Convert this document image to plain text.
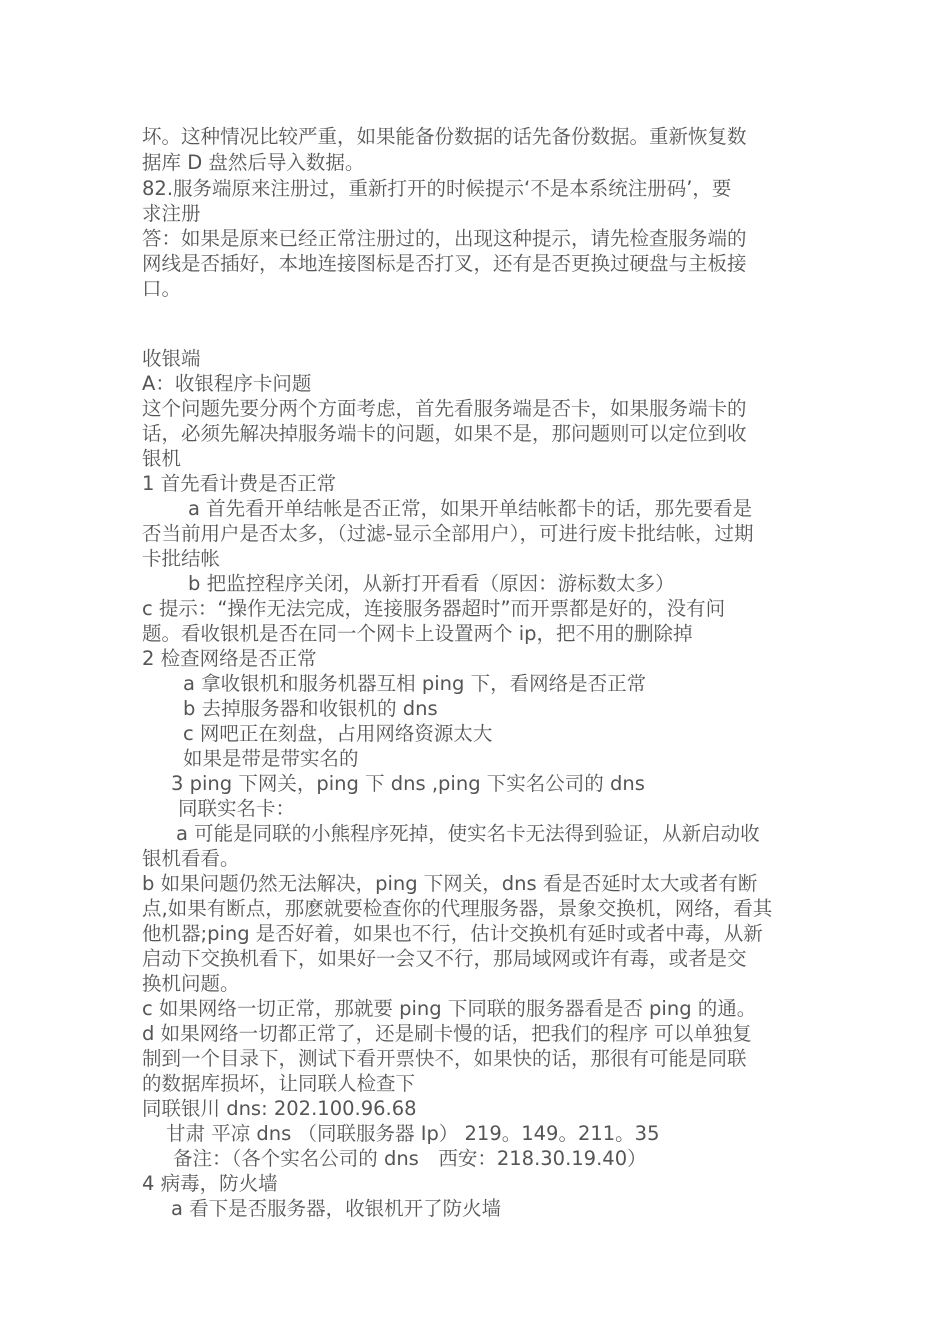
坏。这种情况比较严重，如果能备份数据的话先备份数据。重新恢复数
据库 D 盘然后导入数据。
82.服务端原来注册过，重新打开的时候提示‘不是本系统注册码’，要
求注册
答：如果是原来已经正常注册过的，出现这种提示，请先检查服务端的
网线是否插好，本地连接图标是否打叉，还有是否更换过硬盘与主板接
口。
收银端
A：收银程序卡问题
这个问题先要分两个方面考虑，首先看服务端是否卡，如果服务端卡的
话，必须先解决掉服务端卡的问题，如果不是，那问题则可以定位到收
银机
1 首先看计费是否正常
a 首先看开单结帐是否正常，如果开单结帐都卡的话，那先要看是
否当前用户是否太多，（过滤-显示全部用户），可进行废卡批结帐，过期
卡批结帐
b 把监控程序关闭，从新打开看看（原因：游标数太多）
c 提示：“操作无法完成，连接服务器超时”而开票都是好的，没有问
题。看收银机是否在同一个网卡上设置两个 ip，把不用的删除掉
2 检查网络是否正常
a 拿收银机和服务机器互相 ping 下，看网络是否正常
b 去掉服务器和收银机的 dns
c 网吧正在刻盘，占用网络资源太大
如果是带是带实名的
3 ping 下网关，ping 下 dns ,ping 下实名公司的 dns
同联实名卡：
a 可能是同联的小熊程序死掉，使实名卡无法得到验证，从新启动收
银机看看。
b 如果问题仍然无法解决，ping 下网关，dns 看是否延时太大或者有断
点,如果有断点，那麽就要检查你的代理服务器，景象交换机，网络，看其
他机器;ping 是否好着，如果也不行，估计交换机有延时或者中毒，从新
启动下交换机看下，如果好一会又不行，那局域网或许有毒，或者是交
换机问题。
c 如果网络一切正常，那就要 ping 下同联的服务器看是否 ping 的通。
d 如果网络一切都正常了，还是刷卡慢的话，把我们的程序 可以单独复
制到一个目录下，测试下看开票快不，如果快的话，那很有可能是同联
的数据库损坏，让同联人检查下
同联银川 dns: 202.100.96.68
甘肃 平凉 dns （同联服务器 Ip） 219。149。211。35
备注：（各个实名公司的 dns　西安：218.30.19.40）
4 病毒，防火墙
a 看下是否服务器，收银机开了防火墙
